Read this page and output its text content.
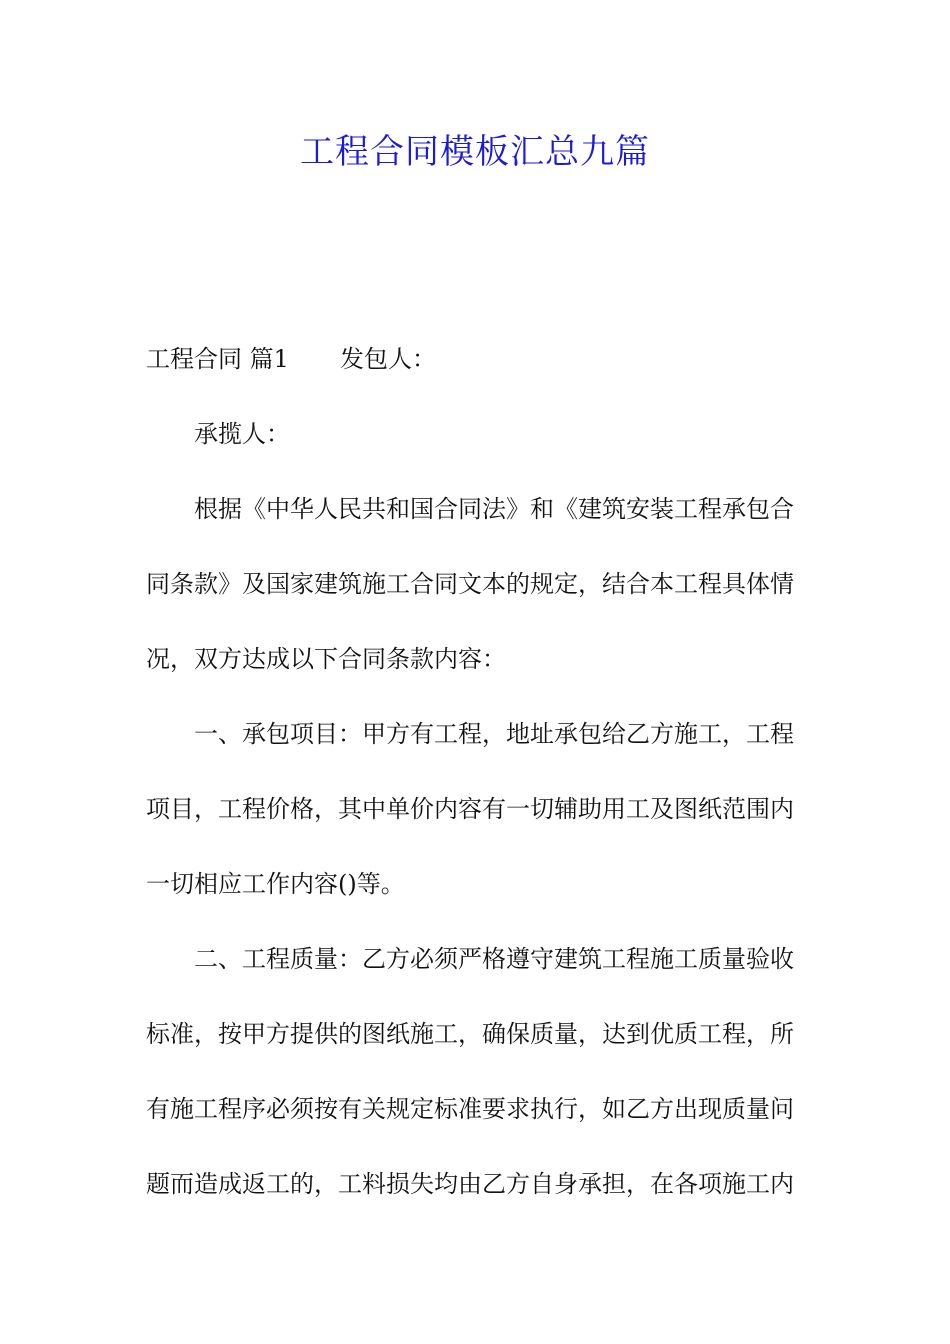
工程合同模板汇总九篇
工程合同 篇1 发包人：
承揽人：
根据《中华人民共和国合同法》和《建筑安装工程承包合
同条款》及国家建筑施工合同文本的规定，结合本工程具体情
况，双方达成以下合同条款内容：
一、承包项目：甲方有工程，地址承包给乙方施工，工程
项目，工程价格，其中单价内容有一切辅助用工及图纸范围内
一切相应工作内容()等。
二、工程质量：乙方必须严格遵守建筑工程施工质量验收
标准，按甲方提供的图纸施工，确保质量，达到优质工程，所
有施工程序必须按有关规定标准要求执行，如乙方出现质量问
题而造成返工的，工料损失均由乙方自身承担，在各项施工内
